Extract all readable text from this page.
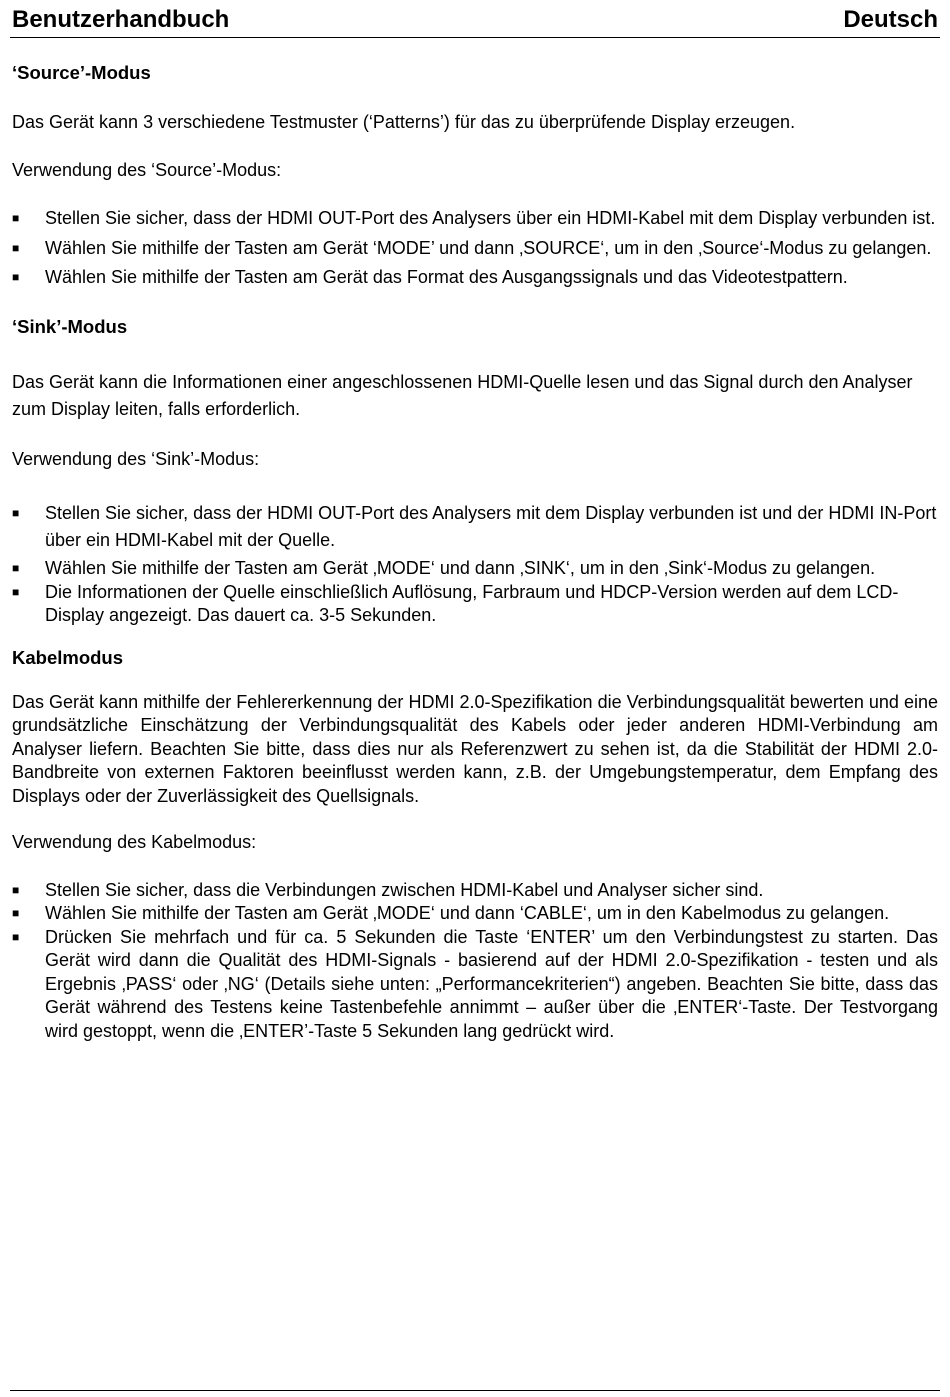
Benutzerhandbuch	Deutsch
‘Source’-Modus

Das Gerät kann 3 verschiedene Testmuster (‘Patterns’) für das zu überprüfende Display erzeugen.

Verwendung des ‘Source’-Modus:

■ Stellen Sie sicher, dass der HDMI OUT-Port des Analysers über ein HDMI-Kabel mit dem Display verbunden ist.
■ Wählen Sie mithilfe der Tasten am Gerät ‘MODE’ und dann ‚SOURCE‘, um in den ‚Source‘-Modus zu gelangen.
■ Wählen Sie mithilfe der Tasten am Gerät das Format des Ausgangssignals und das Videotestpattern.
‘Sink’-Modus

Das Gerät kann die Informationen einer angeschlossenen HDMI-Quelle lesen und das Signal durch den Analyser zum Display leiten, falls erforderlich.

Verwendung des ‘Sink’-Modus:

■ Stellen Sie sicher, dass der HDMI OUT-Port des Analysers mit dem Display verbunden ist und der HDMI IN-Port über ein HDMI-Kabel mit der Quelle.
■ Wählen Sie mithilfe der Tasten am Gerät ‚MODE‘ und dann ‚SINK‘, um in den ‚Sink‘-Modus zu gelangen.
■ Die Informationen der Quelle einschließlich Auflösung, Farbraum und HDCP-Version werden auf dem LCD-Display angezeigt. Das dauert ca. 3-5 Sekunden.
Kabelmodus

Das Gerät kann mithilfe der Fehlererkennung der HDMI 2.0-Spezifikation die Verbindungsqualität bewerten und eine grundsätzliche Einschätzung der Verbindungsqualität des Kabels oder jeder anderen HDMI-Verbindung am Analyser liefern. Beachten Sie bitte, dass dies nur als Referenzwert zu sehen ist, da die Stabilität der HDMI 2.0-Bandbreite von externen Faktoren beeinflusst werden kann, z.B. der Umgebungstemperatur, dem Empfang des Displays oder der Zuverlässigkeit des Quellsignals.

Verwendung des Kabelmodus:

■ Stellen Sie sicher, dass die Verbindungen zwischen HDMI-Kabel und Analyser sicher sind.
■ Wählen Sie mithilfe der Tasten am Gerät ‚MODE‘ und dann ‘CABLE‘, um in den Kabelmodus zu gelangen.
■ Drücken Sie mehrfach und für ca. 5 Sekunden die Taste ‘ENTER’ um den Verbindungstest zu starten. Das Gerät wird dann die Qualität des HDMI-Signals - basierend auf der HDMI 2.0-Spezifikation - testen und als Ergebnis ‚PASS‘ oder ‚NG‘ (Details siehe unten: „Performancekriterien“) angeben. Beachten Sie bitte, dass das Gerät während des Testens keine Tastenbefehle annimmt – außer über die ‚ENTER‘-Taste. Der Testvorgang wird gestoppt, wenn die ‚ENTER’-Taste 5 Sekunden lang gedrückt wird.
